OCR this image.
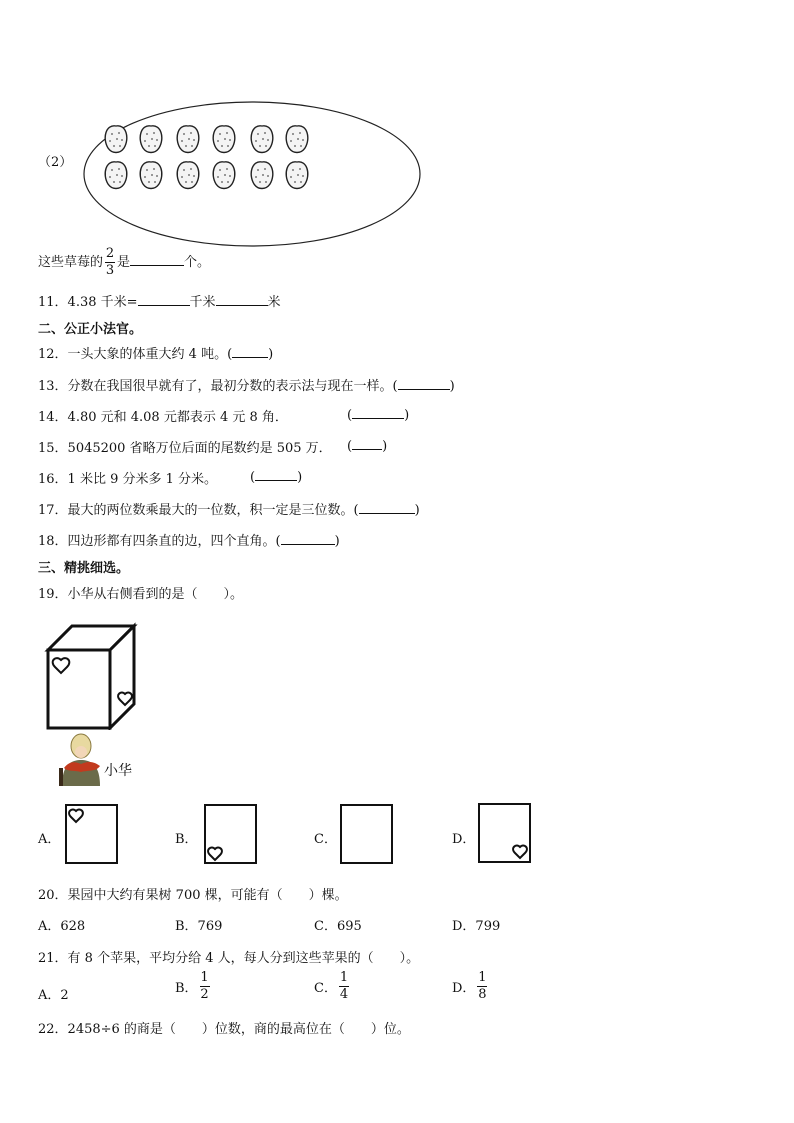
（2）
这些草莓的 $\frac{2}{3}$ 是	个。
11．4.38 千米=	千米	米
二、公正小法官。
12．一头大象的体重大约 4 吨。(	)
13．分数在我国很早就有了，最初分数的表示法与现在一样。(	)
14．4.80 元和 4.08 元都表示 4 元 8 角．	(	)
15．5045200 省略万位后面的尾数约是 505 万． ( )
16．1 米比 9 分米多 1 分米。	(	)
17．最大的两位数乘最大的一位数，积一定是三位数。(	)
18．四边形都有四条直的边，四个直角。(	)
三、精挑细选。
19．小华从右侧看到的是（　　）。
小华
A．	B．	C．	D．
20．果园中大约有果树 700 棵，可能有（　　）棵。
A．628	B．769	C．695	D．799
21．有 8 个苹果，平均分给 4 人，每人分到这些苹果的（　　）。
A．2	B． $\frac{1}{2}$	C． $\frac{1}{4}$	D． $\frac{1}{8}$
22．2458÷6 的商是（　　）位数，商的最高位在（　　）位。
